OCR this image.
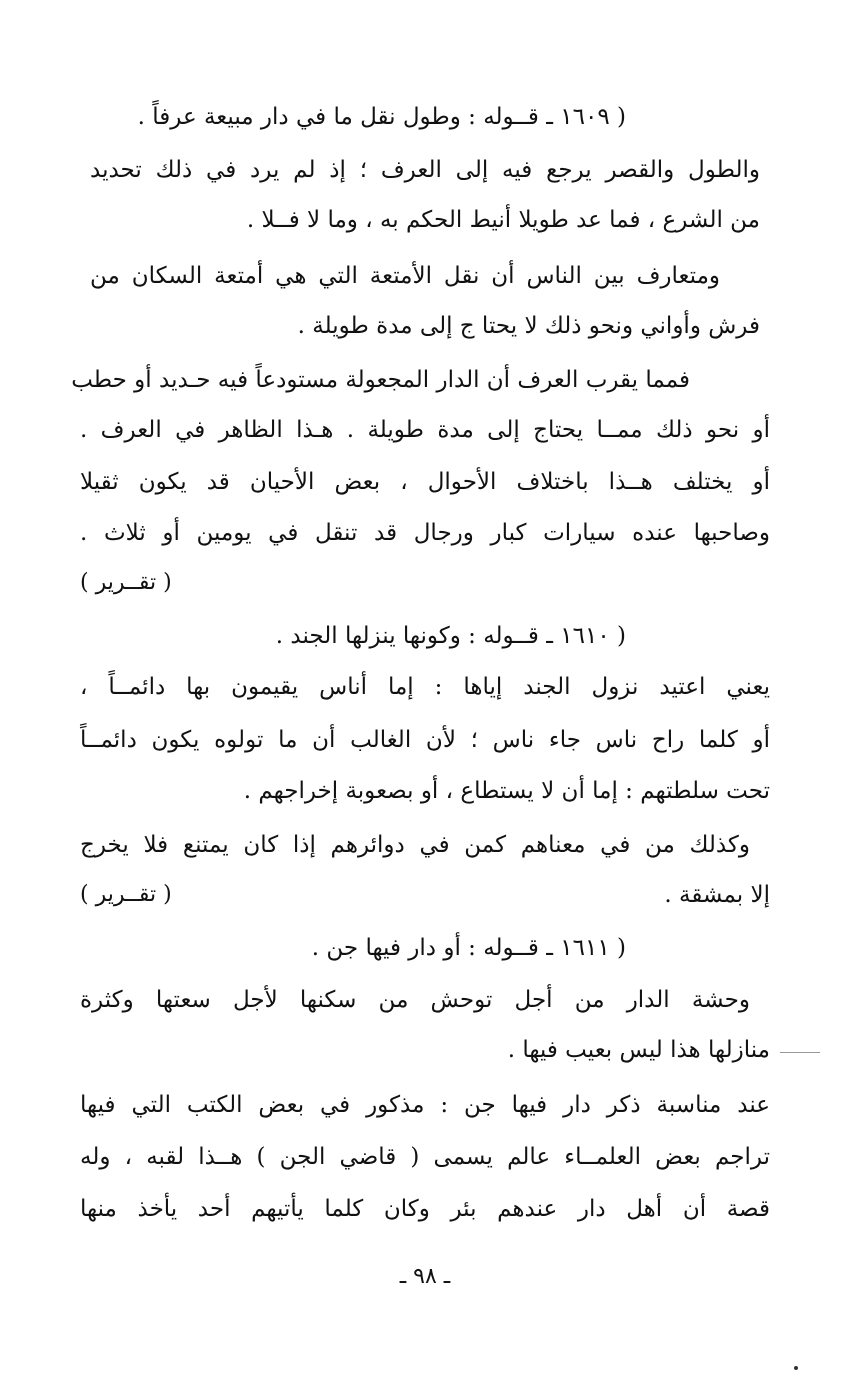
( ١٦٠٩ ـ قــوله : وطول نقل ما في دار مبيعة عرفاً .
والطول والقصر يرجع فيه إلى العرف ؛ إذ لم يرد في ذلك تحديد
من الشرع ، فما عد طويلا أنيط الحكم به ، وما لا فــلا .
ومتعارف بين الناس أن نقل الأمتعة التي هي أمتعة السكان من
فرش وأواني ونحو ذلك لا يحتا ج إلى مدة طويلة .
فمما يقرب العرف أن الدار المجعولة مستودعاً فيه حـديد أو حطب
أو نحو ذلك ممــا يحتاج إلى مدة طويلة . هـذا الظاهر في العرف .
أو يختلف هــذا باختلاف الأحوال ، بعض الأحيان قد يكون ثقيلا
وصاحبها عنده سيارات كبار ورجال قد تنقل في يومين أو ثلاث .
( تقــرير )
( ١٦١٠ ـ قــوله : وكونها ينزلها الجند .
يعني اعتيد نزول الجند إياها : إما أناس يقيمون بها دائمــاً ،
أو كلما راح ناس جاء ناس ؛ لأن الغالب أن ما تولوه يكون دائمــاً
تحت سلطتهم : إما أن لا يستطاع ، أو بصعوبة إخراجهم .
وكذلك من في معناهم كمن في دوائرهم إذا كان يمتنع فلا يخرج
إلا بمشقة .
( تقــرير )
( ١٦١١ ـ قــوله : أو دار فيها جن .
وحشة الدار من أجل توحش من سكنها لأجل سعتها وكثرة
منازلها هذا ليس بعيب فيها .
عند مناسبة ذكر دار فيها جن : مذكور في بعض الكتب التي فيها
تراجم بعض العلمــاء عالم يسمى ( قاضي الجن ) هــذا لقبه ، وله
قصة أن أهل دار عندهم بئر وكان كلما يأتيهم أحد يأخذ منها
ـ ٩٨ ـ
